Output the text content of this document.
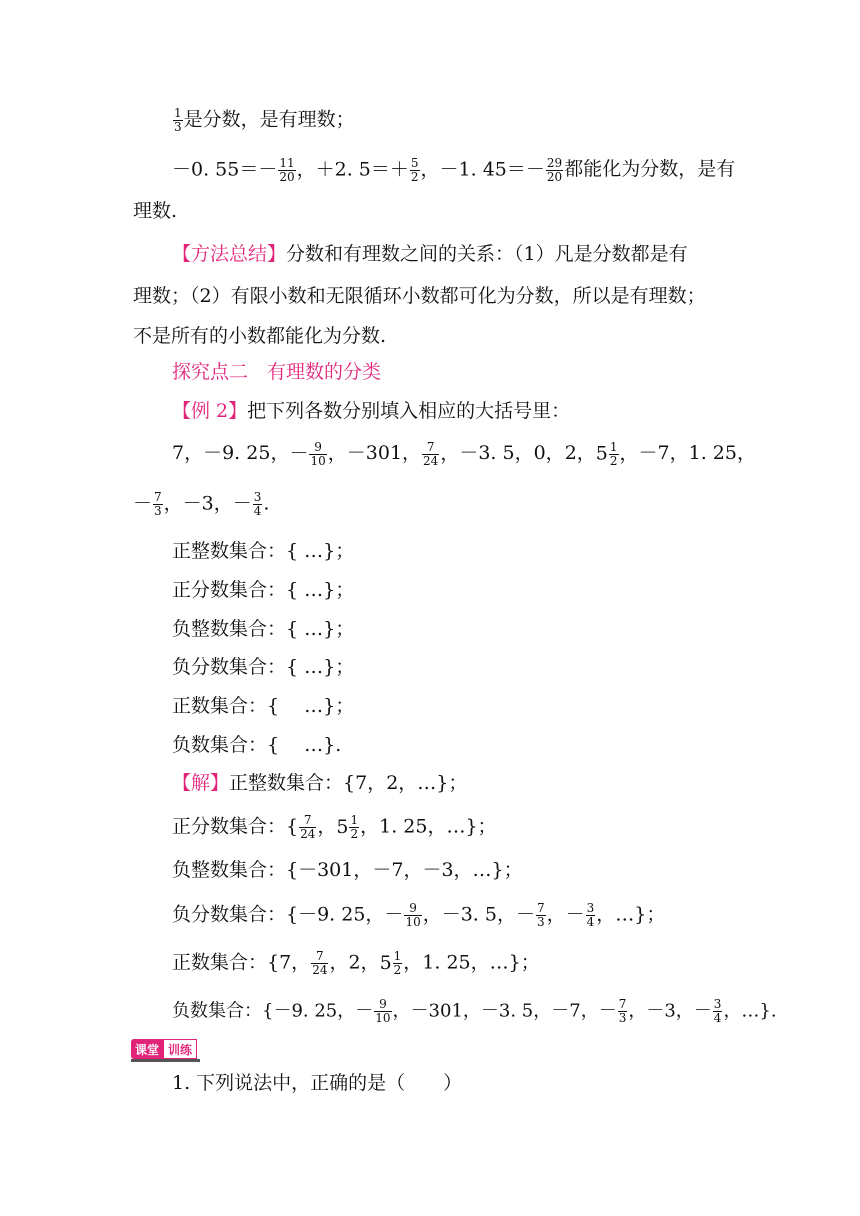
$\frac{1}{3}$ 是分数，是有理数；
－0. $55=- \frac{11}{20}$ ，＋2. $5=+ \frac{5}{2}$ ，－1. $45=- \frac{29}{20}$ 都能化为分数，是有
理数.
【方法总结】分数和有理数之间的关系：（1）凡是分数都是有
理数；（2）有限小数和无限循环小数都可化为分数，所以是有理数；
不是所有的小数都能化为分数.
探究点二　有理数的分类
【例 2】把下列各数分别填入相应的大括号里：
7， －9. 25， － $\frac{9}{10}$ ， －301， $\frac{7}{24}$ ， －3. 5， 0， 2， $5 \frac{1}{2}$ ， －7， 1. 25，
－ $\frac{7}{3}$ ，－3，－ $\frac{3}{4}$ .
正整数集合：{ …}；
正分数集合：{ …}；
负整数集合：{ …}；
负分数集合：{ …}；
正数集合：{　 …}；
负数集合：{　 …}.
【解】正整数集合：{7，2，…}；
正分数集合：{ $\frac{7}{24}$ ，$5 \frac{1}{2}$ ，1. 25，…}；
负整数集合：{－301，－7，－3，…}；
负分数集合：{－9. 25，－ $\frac{9}{10}$ ，－3. 5，－ $\frac{7}{3}$ ，－ $\frac{3}{4}$ ，…}；
正数集合：{7， $\frac{7}{24}$ ，2，$5 \frac{1}{2}$ ，1. 25，…}；
负数集合：{－9. 25，－ $\frac{9}{10}$ ，－301，－3. 5，－7，－ $\frac{7}{3}$ ，－3，－ $\frac{3}{4}$ ，…}.
课堂 训练
1. 下列说法中，正确的是（　　）
